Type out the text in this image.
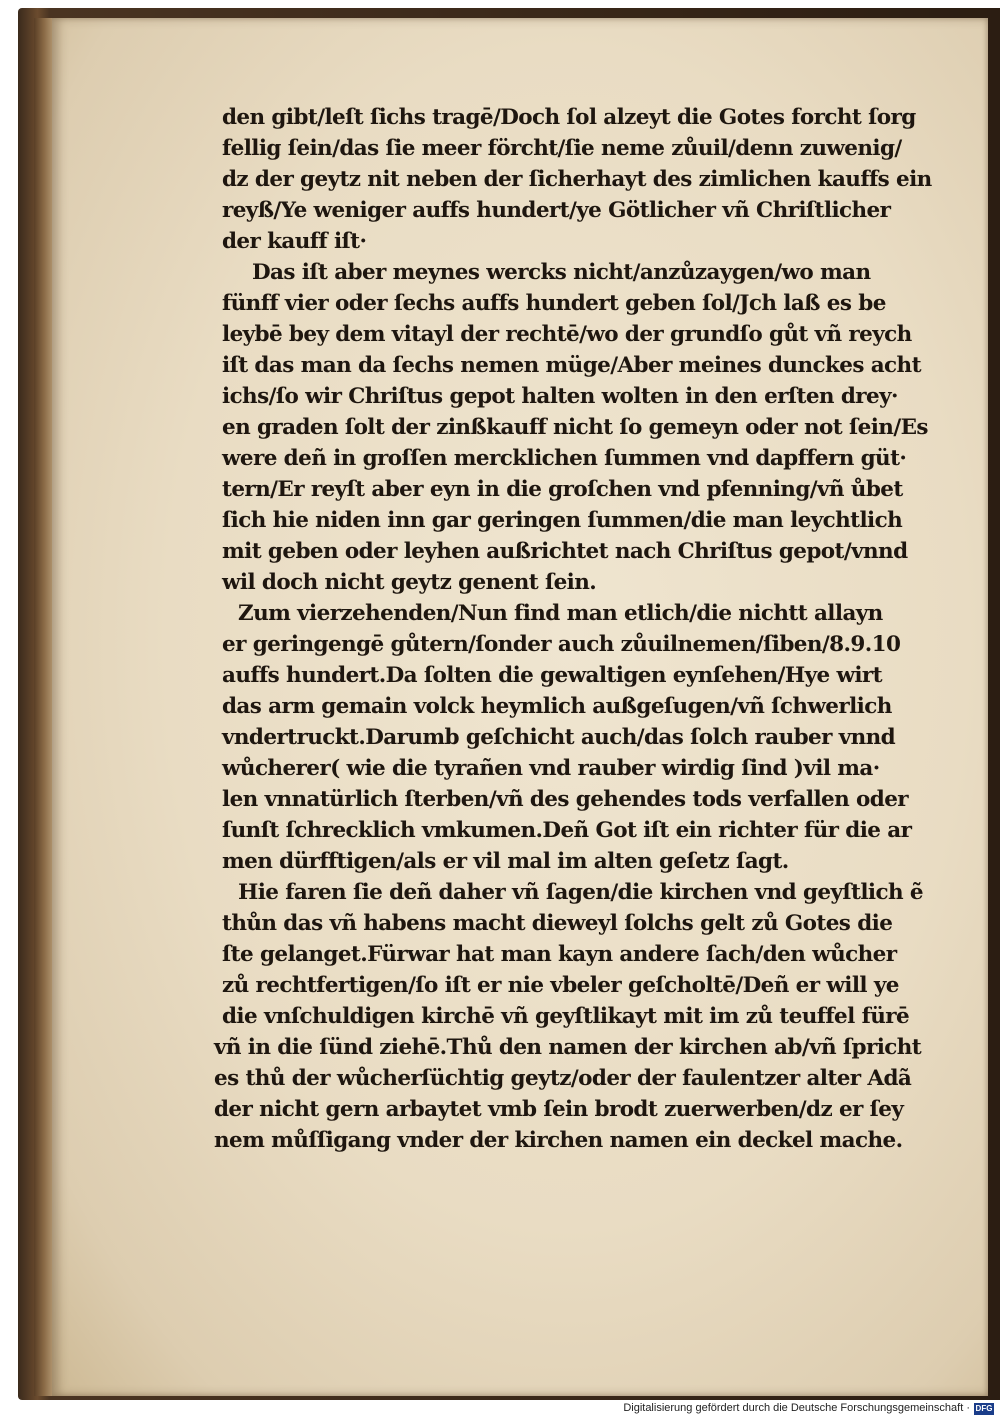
den gibt/leſt ſichs tragē/Doch ſol alzeyt die Gotes forcht ſorg
fellig ſein/das ſie meer förcht/ſie neme zůuil/denn zuwenig/
dz der geytz nit neben der ſicherhayt des zimlichen kauffs ein
reyß/Ye weniger auffs hundert/ye Götlicher vñ Chriſtlicher
der kauff iſt·
Das iſt aber meynes wercks nicht/anzůzaygen/wo man
fünff vier oder ſechs auffs hundert geben ſol/Jch laß es be
leybē bey dem vitayl der rechtē/wo der grundſo gůt vñ reych
iſt das man da ſechs nemen müge/Aber meines dunckes acht
ichs/ſo wir Chriſtus gepot halten wolten in den erſten drey·
en graden ſolt der zinßkauff nicht ſo gemeyn oder not ſein/Es
were deñ in groſſen mercklichen ſummen vnd dapffern güt·
tern/Er reyſt aber eyn in die groſchen vnd pfenning/vñ ůbet
ſich hie niden inn gar geringen ſummen/die man leychtlich
mit geben oder leyhen außrichtet nach Chriſtus gepot/vnnd
wil doch nicht geytz genent ſein.
Zum vierzehenden/Nun find man etlich/die nichtt allayn
er geringengē gůtern/ſonder auch zůuilnemen/ſiben/8.9.10
auffs hundert.Da ſolten die gewaltigen eynſehen/Hye wirt
das arm gemain volck heymlich außgeſugen/vñ ſchwerlich
vndertruckt.Darumb geſchicht auch/das ſolch rauber vnnd
wůcherer( wie die tyrañen vnd rauber wirdig ſind )vil ma·
len vnnatürlich ſterben/vñ des gehendes tods verfallen oder
ſunſt ſchrecklich vmkumen.Deñ Got iſt ein richter für die ar
men dürfftigen/als er vil mal im alten geſetz ſagt.
Hie faren ſie deñ daher vñ ſagen/die kirchen vnd geyſtlich ẽ
thůn das vñ habens macht dieweyl ſolchs gelt zů Gotes die
ſte gelanget.Fürwar hat man kayn andere ſach/den wůcher
zů rechtfertigen/ſo iſt er nie vbeler geſcholtē/Deñ er will ye
die vnſchuldigen kirchē vñ geyſtlikayt mit im zů teuffel fürē
vñ in die ſünd ziehē.Thů den namen der kirchen ab/vñ ſpricht
es thů der wůcherſüchtig geytz/oder der faulentzer alter Adã
der nicht gern arbaytet vmb ſein brodt zuerwerben/dz er ſey
nem můſſigang vnder der kirchen namen ein deckel mache.
Digitalisierung gefördert durch die Deutsche Forschungsgemeinschaft · DFG
